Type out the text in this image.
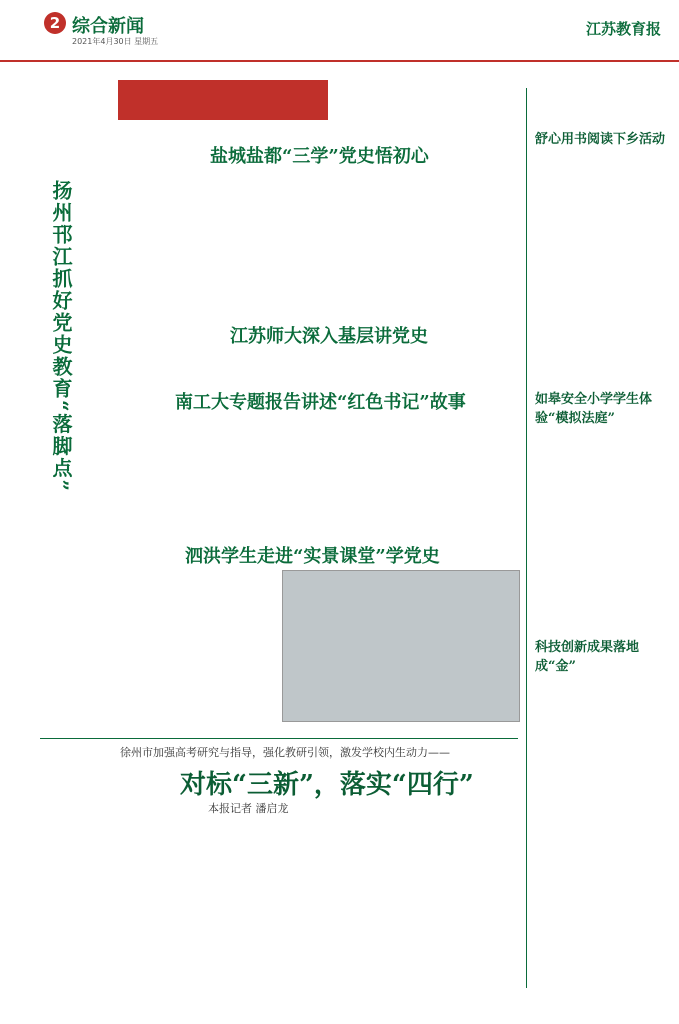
2 综合新闻
2021年4月30日 星期五
江苏教育报
扬州邗江抓好党史教育“落脚点”
盐城盐都“三学”党史悟初心
江苏师大深入基层讲党史
南工大专题报告讲述“红色书记”故事
泗洪学生走进“实景课堂”学党史
徐州市加强高考研究与指导，强化教研引领，激发学校内生动力——
对标“三新”，落实“四行”
本报记者 潘启龙
舒心用书阅读下乡活动
如皋安全小学学生体验“模拟法庭”
科技创新成果落地成“金”
